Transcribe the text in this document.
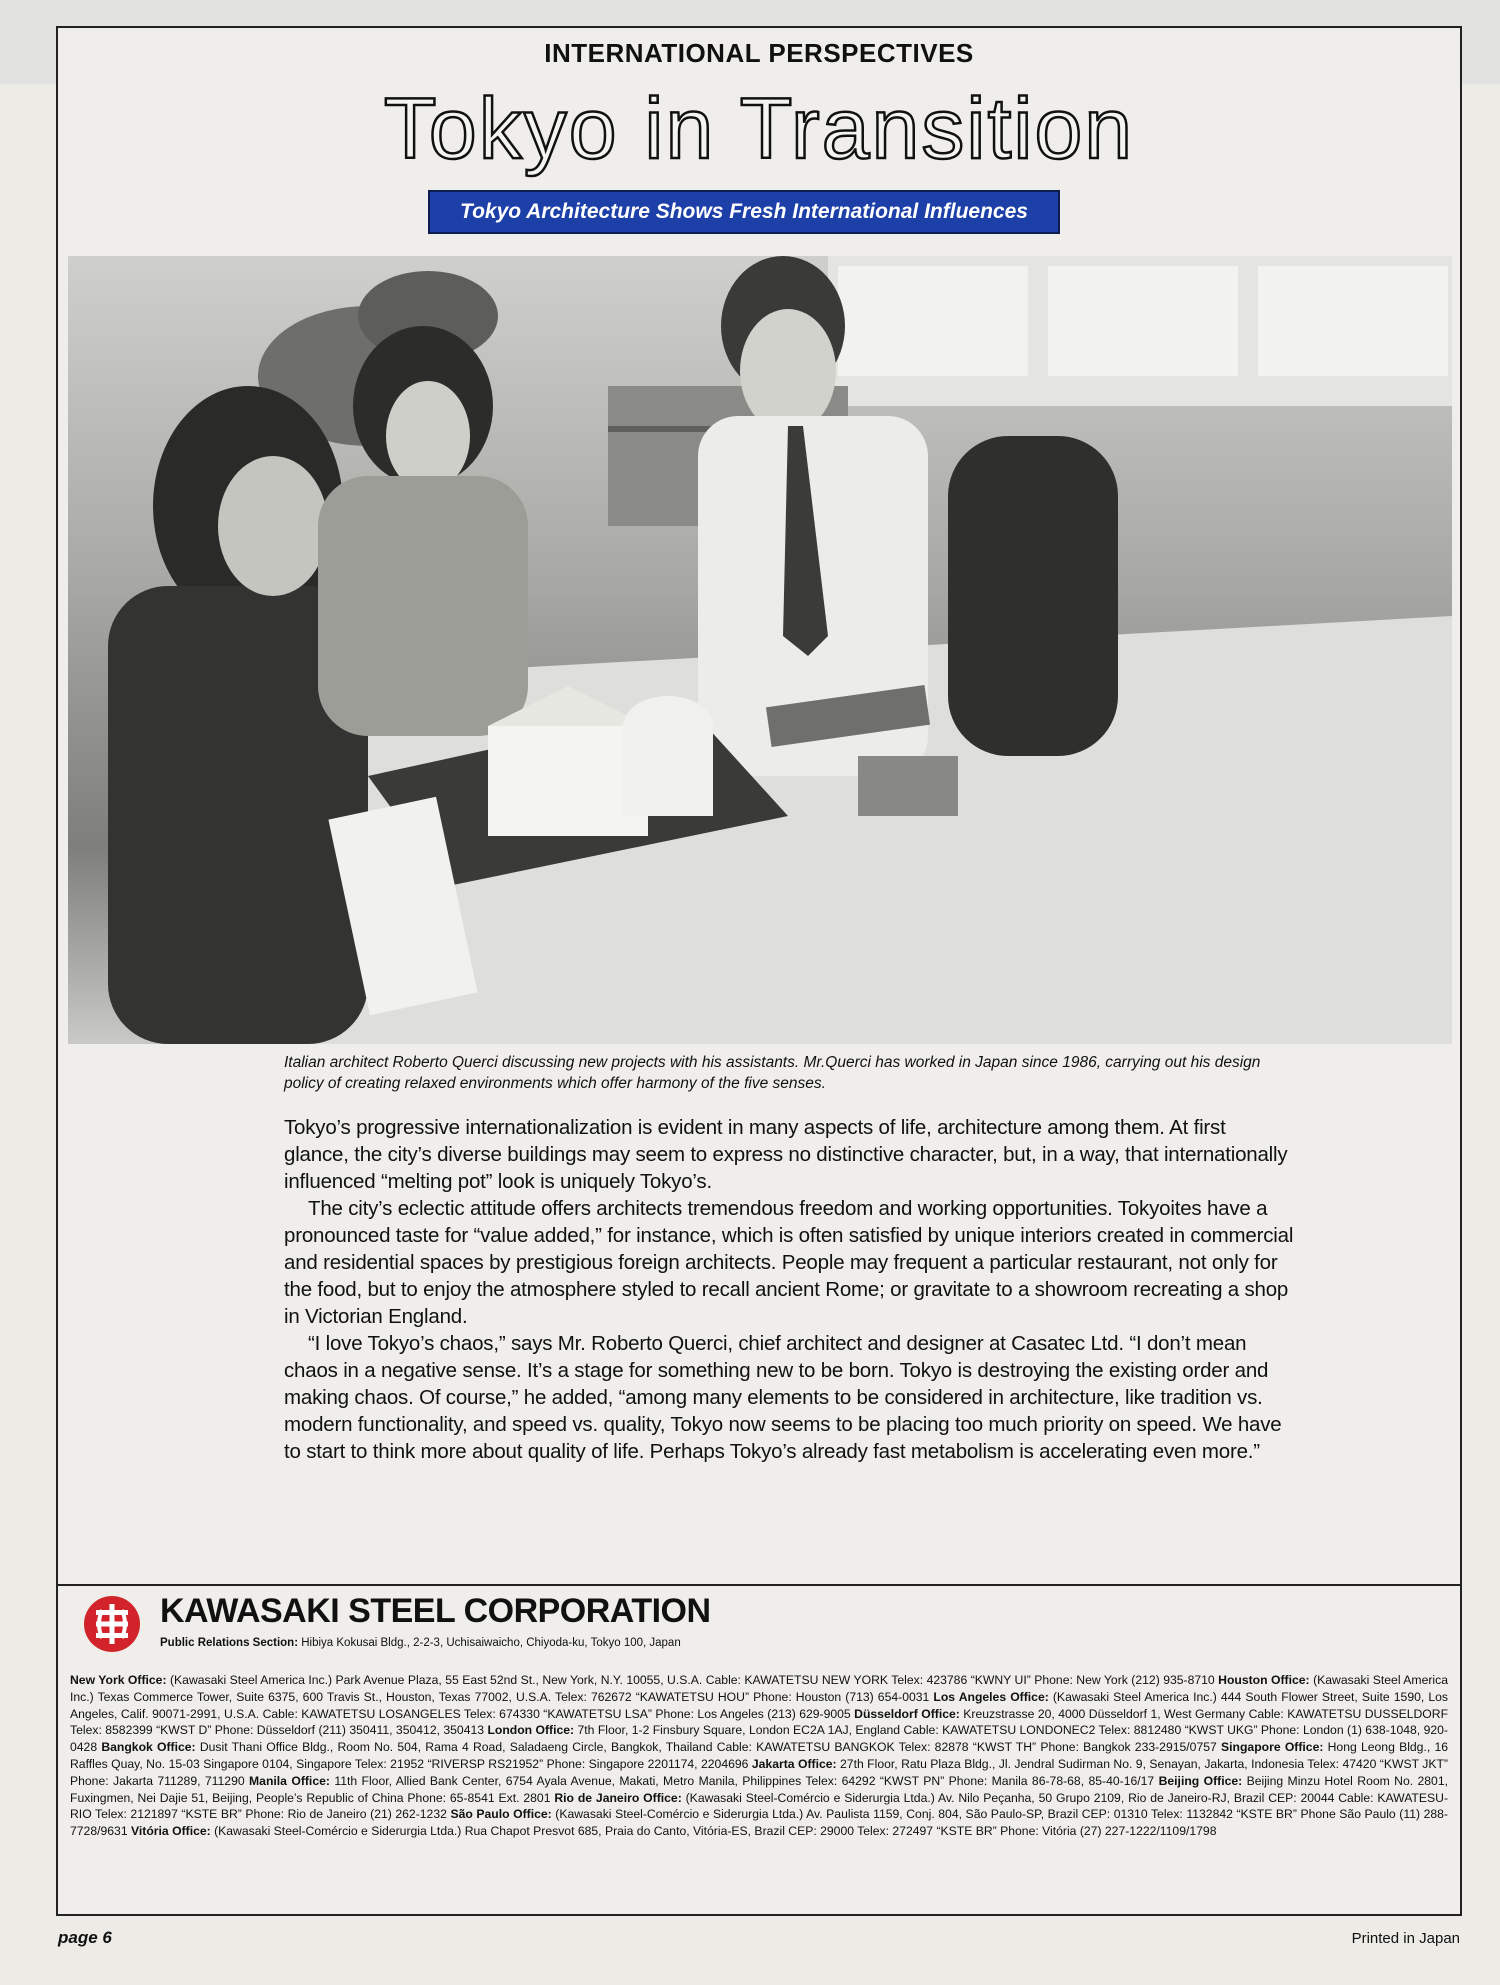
INTERNATIONAL PERSPECTIVES
Tokyo in Transition
Tokyo Architecture Shows Fresh International Influences
Italian architect Roberto Querci discussing new projects with his assistants. Mr.Querci has worked in Japan since 1986, carrying out his design policy of creating relaxed environments which offer harmony of the five senses.

Tokyo’s progressive internationalization is evident in many aspects of life, architecture among them. At first glance, the city’s diverse buildings may seem to express no distinctive character, but, in a way, that internationally influenced “melting pot” look is uniquely Tokyo’s.

The city’s eclectic attitude offers architects tremendous freedom and working opportunities. Tokyoites have a pronounced taste for “value added,” for instance, which is often satisfied by unique interiors created in commercial and residential spaces by prestigious foreign architects. People may frequent a particular restaurant, not only for the food, but to enjoy the atmosphere styled to recall ancient Rome; or gravitate to a showroom recreating a shop in Victorian England.

“I love Tokyo’s chaos,” says Mr. Roberto Querci, chief architect and designer at Casatec Ltd. “I don’t mean chaos in a negative sense. It’s a stage for something new to be born. Tokyo is destroying the existing order and making chaos. Of course,” he added, “among many elements to be considered in architecture, like tradition vs. modern functionality, and speed vs. quality, Tokyo now seems to be placing too much priority on speed. We have to start to think more about quality of life. Perhaps Tokyo’s already fast metabolism is accelerating even more.”

KAWASAKI STEEL CORPORATION
Public Relations Section: Hibiya Kokusai Bldg., 2-2-3, Uchisaiwaicho, Chiyoda-ku, Tokyo 100, Japan
New York Office: (Kawasaki Steel America Inc.) Park Avenue Plaza, 55 East 52nd St., New York, N.Y. 10055, U.S.A. Cable: KAWATETSU NEW YORK Telex: 423786 “KWNY UI” Phone: New York (212) 935-8710 Houston Office: (Kawasaki Steel America Inc.) Texas Commerce Tower, Suite 6375, 600 Travis St., Houston, Texas 77002, U.S.A. Telex: 762672 “KAWATETSU HOU” Phone: Houston (713) 654-0031 Los Angeles Office: (Kawasaki Steel America Inc.) 444 South Flower Street, Suite 1590, Los Angeles, Calif. 90071-2991, U.S.A. Cable: KAWATETSU LOSANGELES Telex: 674330 “KAWATETSU LSA” Phone: Los Angeles (213) 629-9005 Düsseldorf Office: Kreuzstrasse 20, 4000 Düsseldorf 1, West Germany Cable: KAWATETSU DUSSELDORF Telex: 8582399 “KWST D” Phone: Düsseldorf (211) 350411, 350412, 350413 London Office: 7th Floor, 1-2 Finsbury Square, London EC2A 1AJ, England Cable: KAWATETSU LONDONEC2 Telex: 8812480 “KWST UKG” Phone: London (1) 638-1048, 920-0428 Bangkok Office: Dusit Thani Office Bldg., Room No. 504, Rama 4 Road, Saladaeng Circle, Bangkok, Thailand Cable: KAWATETSU BANGKOK Telex: 82878 “KWST TH” Phone: Bangkok 233-2915/0757 Singapore Office: Hong Leong Bldg., 16 Raffles Quay, No. 15-03 Singapore 0104, Singapore Telex: 21952 “RIVERSP RS21952” Phone: Singapore 2201174, 2204696 Jakarta Office: 27th Floor, Ratu Plaza Bldg., Jl. Jendral Sudirman No. 9, Senayan, Jakarta, Indonesia Telex: 47420 “KWST JKT” Phone: Jakarta 711289, 711290 Manila Office: 11th Floor, Allied Bank Center, 6754 Ayala Avenue, Makati, Metro Manila, Philippines Telex: 64292 “KWST PN” Phone: Manila 86-78-68, 85-40-16/17 Beijing Office: Beijing Minzu Hotel Room No. 2801, Fuxingmen, Nei Dajie 51, Beijing, People’s Republic of China Phone: 65-8541 Ext. 2801 Rio de Janeiro Office: (Kawasaki Steel-Comércio e Siderurgia Ltda.) Av. Nilo Peçanha, 50 Grupo 2109, Rio de Janeiro-RJ, Brazil CEP: 20044 Cable: KAWATESU-RIO Telex: 2121897 “KSTE BR” Phone: Rio de Janeiro (21) 262-1232 São Paulo Office: (Kawasaki Steel-Comércio e Siderurgia Ltda.) Av. Paulista 1159, Conj. 804, São Paulo-SP, Brazil CEP: 01310 Telex: 1132842 “KSTE BR” Phone São Paulo (11) 288-7728/9631 Vitória Office: (Kawasaki Steel-Comércio e Siderurgia Ltda.) Rua Chapot Presvot 685, Praia do Canto, Vitória-ES, Brazil CEP: 29000 Telex: 272497 “KSTE BR” Phone: Vitória (27) 227-1222/1109/1798
page 6	Printed in Japan
